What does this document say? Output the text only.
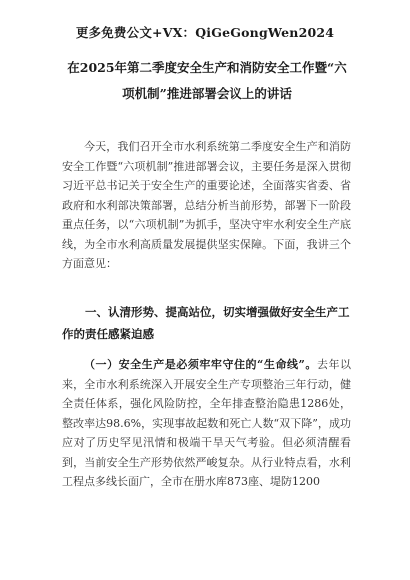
更多免费公文+VX：QiGeGongWen2024
在2025年第二季度安全生产和消防安全工作暨“六项机制”推进部署会议上的讲话

今天，我们召开全市水利系统第二季度安全生产和消防安全工作暨“六项机制”推进部署会议，主要任务是深入贯彻习近平总书记关于安全生产的重要论述，全面落实省委、省政府和水利部决策部署，总结分析当前形势，部署下一阶段重点任务，以“六项机制”为抓手，坚决守牢水利安全生产底线，为全市水利高质量发展提供坚实保障。下面，我讲三个方面意见：

一、认清形势、提高站位，切实增强做好安全生产工作的责任感紧迫感

（一）安全生产是必须牢牢守住的“生命线”。去年以来，全市水利系统深入开展安全生产专项整治三年行动，健全责任体系，强化风险防控，全年排查整治隐患1286处，整改率达98.6%，实现事故起数和死亡人数“双下降”，成功应对了历史罕见汛情和极端干旱天气考验。但必须清醒看到，当前安全生产形势依然严峻复杂。从行业特点看，水利工程点多线长面广，全市在册水库873座、堤防1200
